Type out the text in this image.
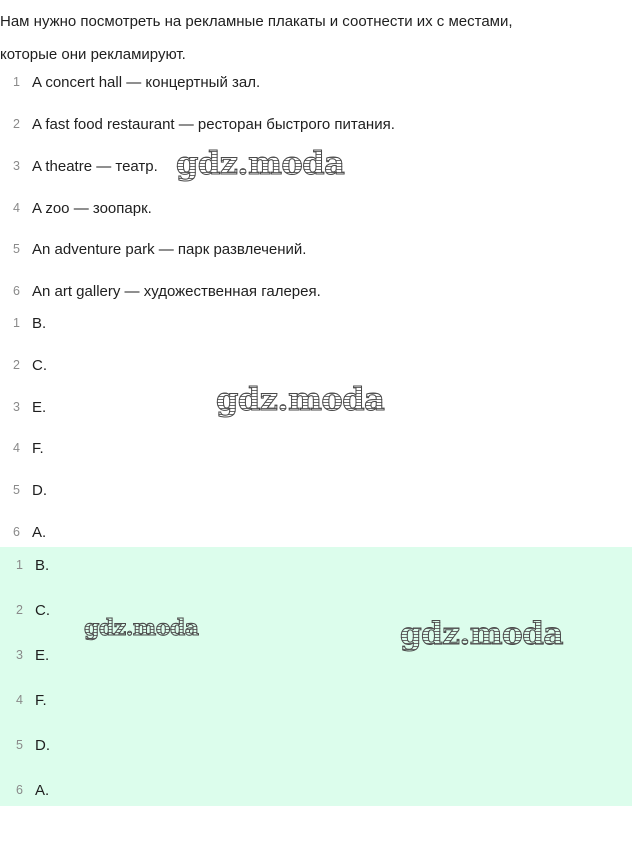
Нам нужно посмотреть на рекламные плакаты и соотнести их с местами,
которые они рекламируют.
1 A concert hall — концертный зал.
2 A fast food restaurant — ресторан быстрого питания.
3 A theatre — театр.
4 A zoo — зоопарк.
5 An adventure park — парк развлечений.
6 An art gallery — художественная галерея.
1 B.
2 C.
3 E.
4 F.
5 D.
6 A.
1 B.
2 C.
3 E.
4 F.
5 D.
6 A.
gdz.moda
gdz.moda
gdz.moda	gdz.moda
